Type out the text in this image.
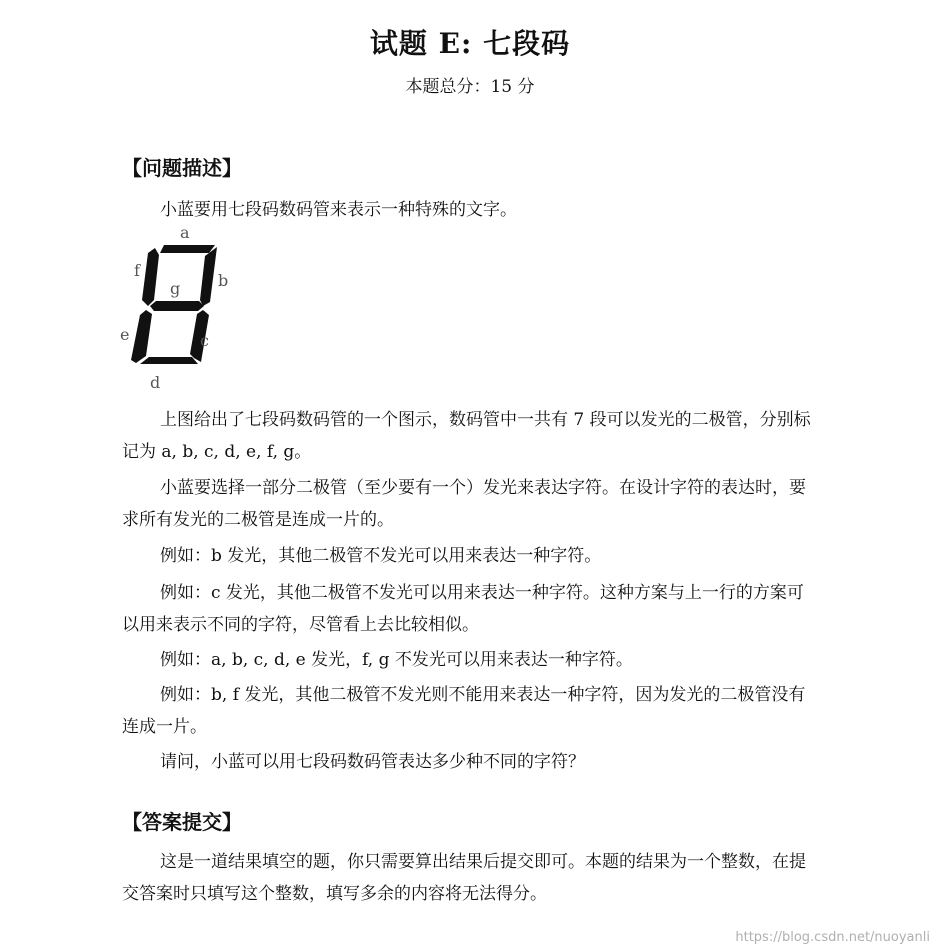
试题 E: 七段码
本题总分：15 分
【问题描述】
小蓝要用七段码数码管来表示一种特殊的文字。
a
b
c
d
e
f
g
上图给出了七段码数码管的一个图示，数码管中一共有 7 段可以发光的二极管，分别标记为 a, b, c, d, e, f, g。
小蓝要选择一部分二极管（至少要有一个）发光来表达字符。在设计字符的表达时，要求所有发光的二极管是连成一片的。
例如：b 发光，其他二极管不发光可以用来表达一种字符。
例如：c 发光，其他二极管不发光可以用来表达一种字符。这种方案与上一行的方案可以用来表示不同的字符，尽管看上去比较相似。
例如：a, b, c, d, e 发光，f, g 不发光可以用来表达一种字符。
例如：b, f 发光，其他二极管不发光则不能用来表达一种字符，因为发光的二极管没有连成一片。
请问，小蓝可以用七段码数码管表达多少种不同的字符？
【答案提交】
这是一道结果填空的题，你只需要算出结果后提交即可。本题的结果为一个整数，在提交答案时只填写这个整数，填写多余的内容将无法得分。
https://blog.csdn.net/nuoyanli
